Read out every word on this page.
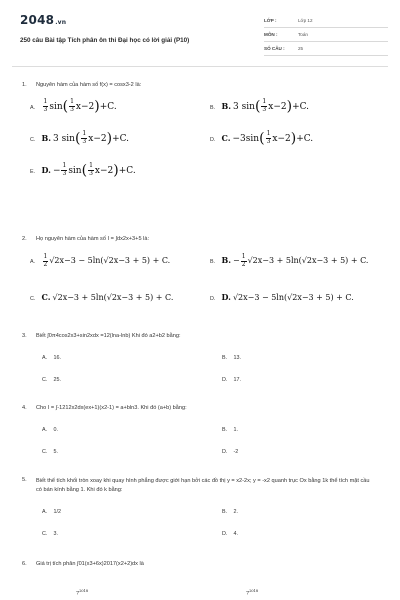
2048.vn
250 câu Bài tập Tích phân ôn thi Đại học có lời giải (P10)
LỚP :	Lớp 12
MÔN :	Toán
SỐ CÂU :	25
1. Nguyên hàm của hàm số f(x) = cosx3-2 là:
A. $\frac{1}{3} \sin( \frac{1}{3} x-2)+C$.	B. B. 3 $\sin( \frac{1}{3} x-2)+C$.
C. B. 3 $\sin( \frac{1}{3} x-2)+C$.	D. C. $-3\sin( \frac{1}{3} x-2)+C$.
E. D. − $\frac{1}{3} \sin( \frac{1}{3} x-2)+C$.
2. Họ nguyên hàm của hàm số I = ∫dx2x+3+5 là:
A. $\frac{1}{2} √2x-3 - 5\ln(√2x-3 + 5) + C$.	B. B. − $\frac{1}{2} √2x-3 + 5\ln(√2x-3 + 5) + C$.
C. C. √2x−3 + 5ln(√2x−3 + 5) + C.	D. D. √2x−3 − 5ln(√2x−3 + 5) + C.
3. Biết ∫0π4cos2x3+sin2xdx =12(lna-lnb) Khi đó a2+b2 bằng:
A. 16.	B. 13.
C. 25.	D. 17.
4. Cho I = ∫-1212x2dx(ex+1)(x2-1) = a+bln3. Khi đó (a+b) bằng:
A. 0.	B. 1.
C. 5.	D. -2
5. Biết thể tích khối tròn xoay khi quay hình phẳng được giới hạn bởi các đồ thị y = x2-2x; y = -x2 quanh trục Ox bằng 1k thể tích mặt cầu có bán kính bằng 1. Khi đó k bằng:
A. 1/2	B. 2.
C. 3.	D. 4.
6. Giá trị tích phân ∫01(x3+6x)2017(x2+2)dx là
$7^{2018}$	$7^{2018}$
